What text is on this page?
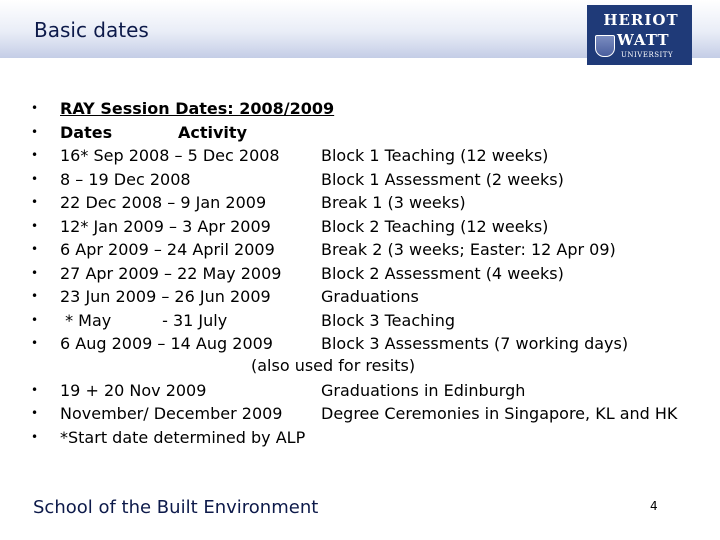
Basic dates	HERIOT
WATT
UNIVERSITY
• RAY Session Dates: 2008/2009
• Dates	Activity
• 16* Sep 2008 – 5 Dec 2008	Block 1 Teaching (12 weeks)
• 8 – 19 Dec 2008	Block 1 Assessment (2 weeks)
• 22 Dec 2008 – 9 Jan 2009	Break 1 (3 weeks)
• 12* Jan 2009 – 3 Apr 2009	Block 2 Teaching (12 weeks)
• 6 Apr 2009 – 24 April 2009	Break 2 (3 weeks; Easter: 12 Apr 09)
• 27 Apr 2009 – 22 May 2009 Block 2 Assessment (4 weeks)
• 23 Jun 2009 – 26 Jun 2009	Graduations
• * May          - 31 July	Block 3 Teaching
• 6 Aug 2009 – 14 Aug 2009	Block 3 Assessments (7 working days)
(also used for resits)
• 19 + 20 Nov 2009	Graduations in Edinburgh
• November/ December 2009 Degree Ceremonies in Singapore, KL and HK
• *Start date determined by ALP
School of the Built Environment	4
